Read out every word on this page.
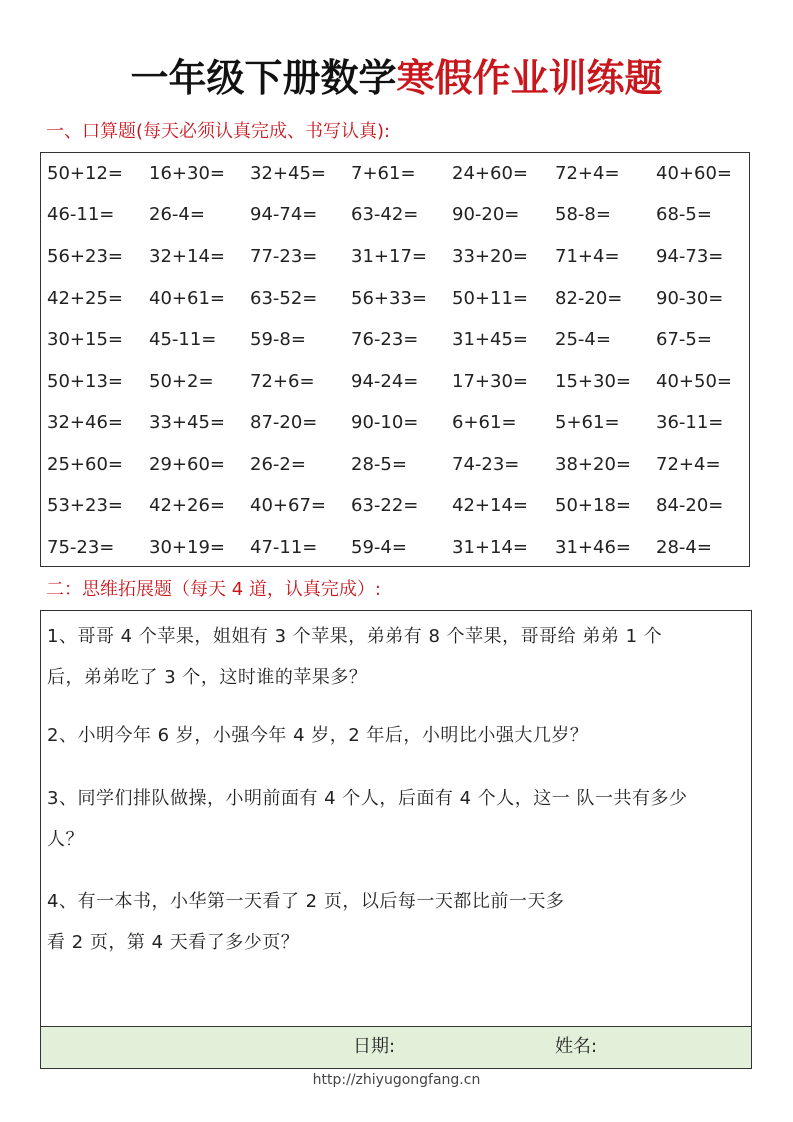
一年级下册数学寒假作业训练题
一、口算题(每天必须认真完成、书写认真):
50+12= 16+30= 32+45= 7+61= 24+60= 72+4= 40+60=
46-11= 26-4=	94-74= 63-42= 90-20= 58-8=	68-5=
56+23= 32+14= 77-23= 31+17= 33+20= 71+4= 94-73=
42+25= 40+61= 63-52= 56+33= 50+11= 82-20= 90-30=
30+15= 45-11= 59-8=	76-23= 31+45= 25-4=	67-5=
50+13= 50+2= 72+6= 94-24= 17+30= 15+30= 40+50=
32+46= 33+45= 87-20= 90-10= 6+61= 5+61= 36-11=
25+60= 29+60= 26-2=	28-5=	74-23= 38+20= 72+4=
53+23= 42+26= 40+67= 63-22= 42+14= 50+18= 84-20=
75-23= 30+19= 47-11= 59-4=	31+14= 31+46= 28-4=
二：思维拓展题（每天 4 道，认真完成）:
1、哥哥 4 个苹果，姐姐有 3 个苹果，弟弟有 8 个苹果，哥哥给 弟弟 1 个
后，弟弟吃了 3 个，这时谁的苹果多？
2、小明今年 6 岁，小强今年 4 岁，2 年后，小明比小强大几岁？
3、同学们排队做操，小明前面有 4 个人，后面有 4 个人，这一 队一共有多少
人？
4、有一本书，小华第一天看了 2 页，以后每一天都比前一天多
看 2 页，第 4 天看了多少页？
日期:	姓名:
http://zhiyugongfang.cn
